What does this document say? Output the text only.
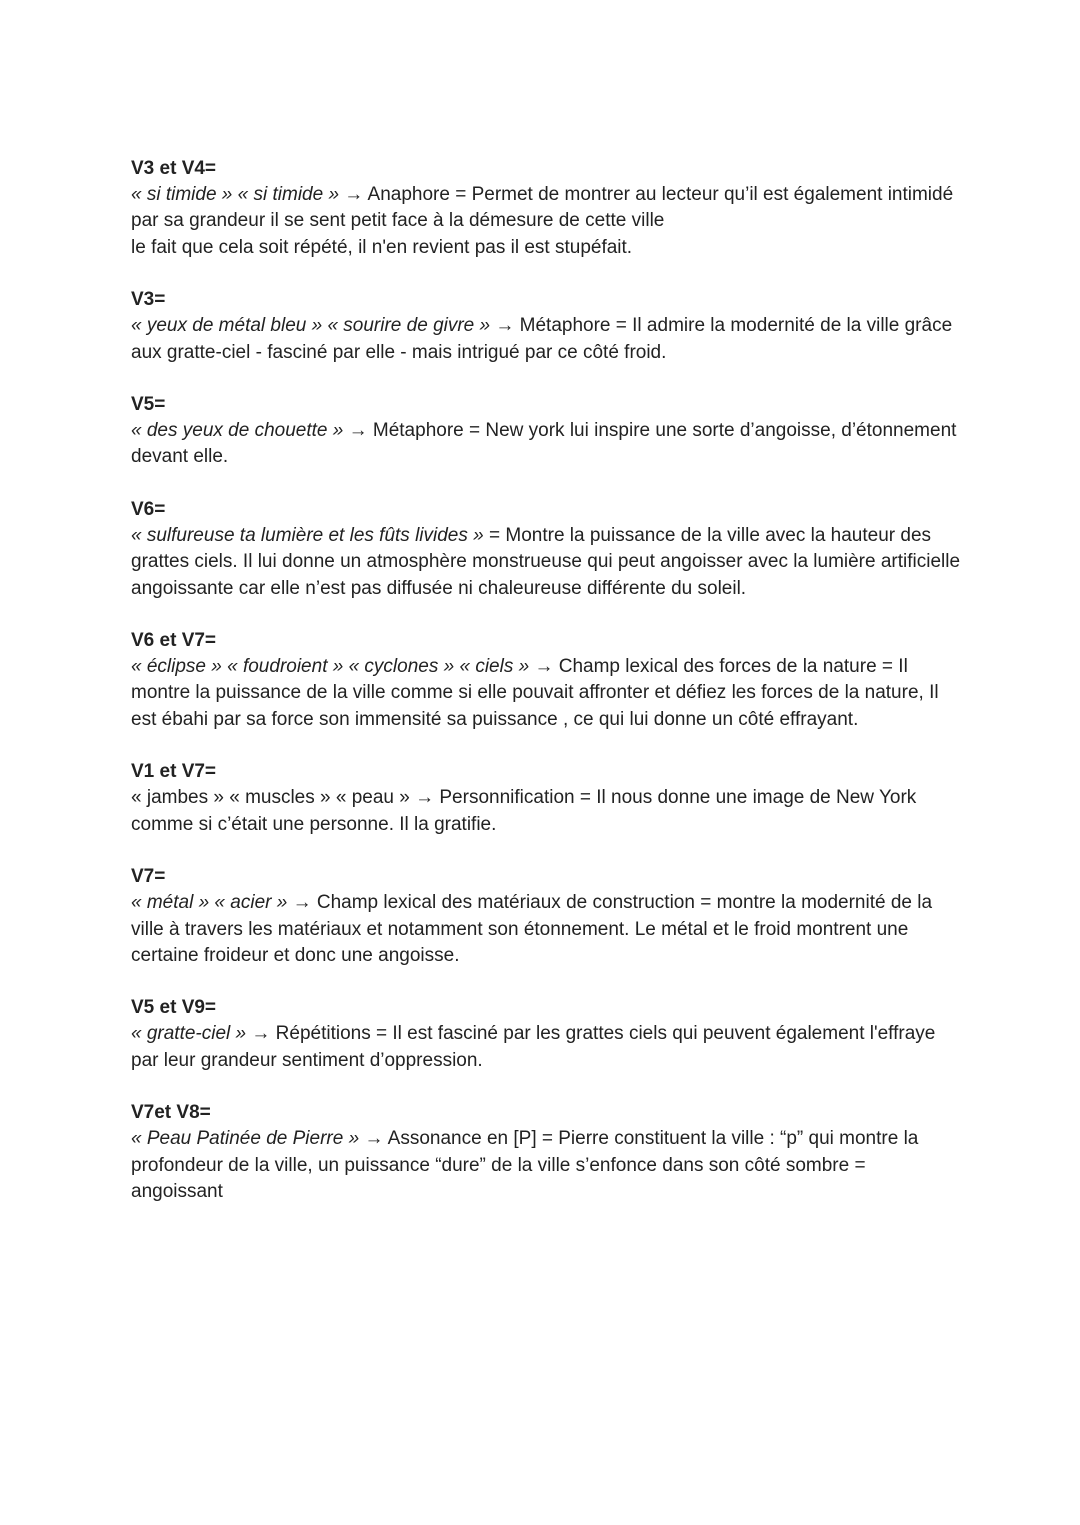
V3 et V4=

« si timide » « si timide » → Anaphore = Permet de montrer au lecteur qu’il est également intimidé par sa grandeur il se sent petit face à la démesure de cette ville
le fait que cela soit répété, il n'en revient pas il est stupéfait.

V3=

« yeux de métal bleu » « sourire de givre » → Métaphore = Il admire la modernité de la ville grâce aux gratte-ciel - fasciné par elle - mais intrigué par ce côté froid.

V5=

« des yeux de chouette » → Métaphore = New york lui inspire une sorte d’angoisse, d’étonnement devant elle.

V6=

« sulfureuse ta lumière et les fûts livides » = Montre la puissance de la ville avec la hauteur des grattes ciels. Il lui donne un atmosphère monstrueuse qui peut angoisser avec la lumière artificielle angoissante car elle n’est pas diffusée ni chaleureuse différente du soleil.

V6 et V7=

« éclipse » « foudroient » « cyclones » « ciels » → Champ lexical des forces de la nature = Il montre la puissance de la ville comme si elle pouvait affronter et défiez les forces de la nature, Il est ébahi par sa force son immensité sa puissance , ce qui lui donne un côté effrayant.

V1 et V7=

« jambes » « muscles » « peau » → Personnification = Il nous donne une image de New York comme si c’était une personne. Il la gratifie.

V7=

« métal » « acier » → Champ lexical des matériaux de construction = montre la modernité de la ville à travers les matériaux et notamment son étonnement. Le métal et le froid montrent une certaine froideur et donc une angoisse.

V5 et V9=

« gratte-ciel » → Répétitions = Il est fasciné par les grattes ciels qui peuvent également l'effraye par leur grandeur sentiment d’oppression.

V7et V8=

« Peau Patinée de Pierre » → Assonance en [P] = Pierre constituent la ville : “p” qui montre la profondeur de la ville, un puissance “dure” de la ville s’enfonce dans son côté sombre = angoissant
